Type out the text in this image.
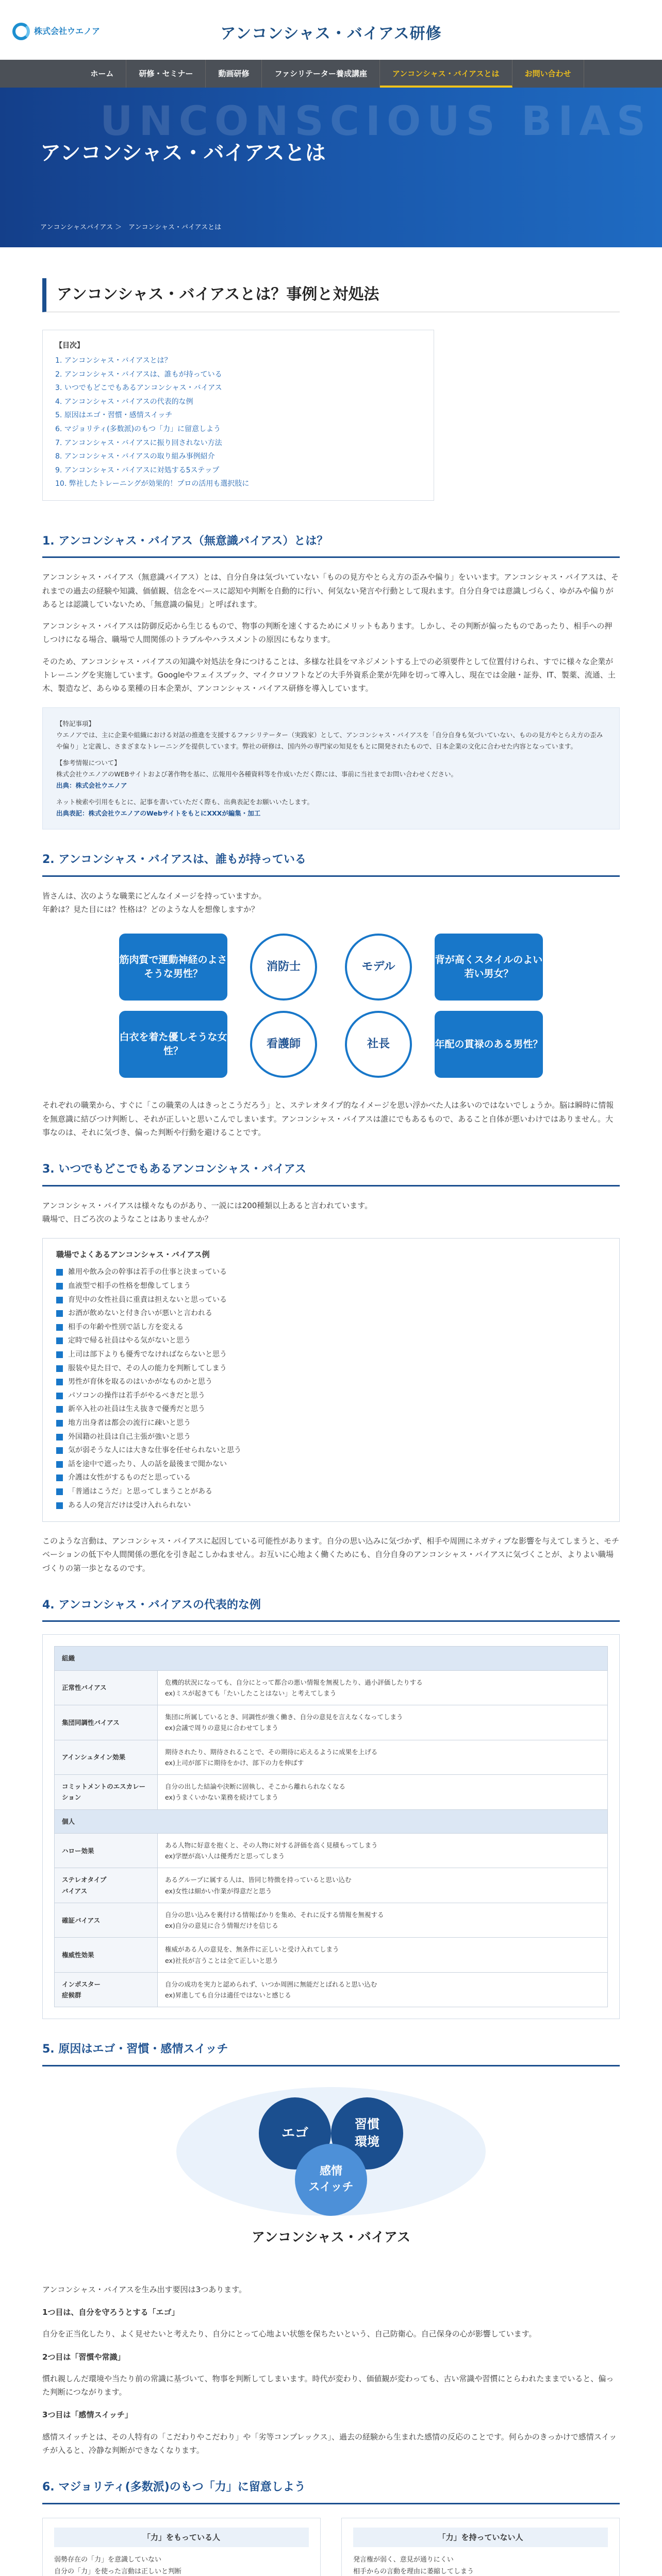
株式会社ウエノア	アンコンシャス・バイアス研修
ホーム	研修・セミナー	動画研修	ファシリテーター養成講座	アンコンシャス・バイアスとは	お問い合わせ
UNCONSCIOUS BIAS
アンコンシャス・バイアスとは
アンコンシャスバイアス ＞　アンコンシャス・バイアスとは
アンコンシャス・バイアスとは？事例と対処法
【目次】
1. アンコンシャス・バイアスとは？
2. アンコンシャス・バイアスは、誰もが持っている
3. いつでもどこでもあるアンコンシャス・バイアス
4. アンコンシャス・バイアスの代表的な例
5. 原因はエゴ・習慣・感情スイッチ
6. マジョリティ(多数派)のもつ「力」に留意しよう
7. アンコンシャス・バイアスに振り回されない方法
8. アンコンシャス・バイアスの取り組み事例紹介
9. アンコンシャス・バイアスに対処する5ステップ
10. 弊社したトレーニングが効果的！プロの活用も選択肢に
1. アンコンシャス・バイアス（無意識バイアス）とは？

アンコンシャス・バイアス（無意識バイアス）とは、自分自身は気づいていない「ものの見方やとらえ方の歪みや偏り」をいいます。アンコンシャス・バイアスは、それまでの過去の経験や知識、価値観、信念をベースに認知や判断を自動的に行い、何気ない発言や行動として現れます。自分自身では意識しづらく、ゆがみや偏りがあるとは認識していないため、「無意識の偏見」と呼ばれます。

アンコンシャス・バイアスは防御反応から生じるもので、物事の判断を速くするためにメリットもあります。しかし、その判断が偏ったものであったり、相手への押しつけになる場合、職場で人間関係のトラブルやハラスメントの原因にもなります。

そのため、アンコンシャス・バイアスの知識や対処法を身につけることは、多様な社員をマネジメントする上での必須要件として位置付けられ、すでに様々な企業がトレーニングを実施しています。Googleやフェイスブック、マイクロソフトなどの大手外資系企業が先陣を切って導入し、現在では金融・証券、IT、製薬、流通、土木、製造など、あらゆる業種の日本企業が、アンコンシャス・バイアス研修を導入しています。

【特記事項】
ウエノアでは、主に企業や組織における対話の推進を支援するファシリテーター（実践家）として、アンコンシャス・バイアスを「自分自身も気づいていない、ものの見方やとらえ方の歪みや偏り」と定義し、さまざまなトレーニングを提供しています。弊社の研修は、国内外の専門家の知見をもとに開発されたもので、日本企業の文化に合わせた内容となっています。
【参考情報について】
株式会社ウエノアのWEBサイトおよび著作物を基に、広報用や各種資料等を作成いただく際には、事前に当社までお問い合わせください。
出典：株式会社ウエノア
ネット検索や引用をもとに、記事を書いていただく際も、出典表記をお願いいたします。
出典表記：株式会社ウエノアのWebサイトをもとにXXXが編集・加工
2. アンコンシャス・バイアスは、誰もが持っている

皆さんは、次のような職業にどんなイメージを持っていますか。
年齢は？見た目には？性格は？どのような人を想像しますか？

筋肉質で運動神経のよさそうな男性？
消防士	モデル
背が高くスタイルのよい若い男女？
白衣を着た優しそうな女性？
看護師	社長	年配の貫禄のある男性？

それぞれの職業から、すぐに「この職業の人はきっとこうだろう」と、ステレオタイプ的なイメージを思い浮かべた人は多いのではないでしょうか。脳は瞬時に情報を無意識に結びつけ判断し、それが正しいと思いこんでしまいます。アンコンシャス・バイアスは誰にでもあるもので、あること自体が悪いわけではありません。大事なのは、それに気づき、偏った判断や行動を避けることです。

3. いつでもどこでもあるアンコンシャス・バイアス

アンコンシャス・バイアスは様々なものがあり、一説には200種類以上あると言われています。
職場で、日ごろ次のようなことはありませんか？

職場でよくあるアンコンシャス・バイアス例
雑用や飲み会の幹事は若手の仕事と決まっている
血液型で相手の性格を想像してしまう
育児中の女性社員に重責は担えないと思っている
お酒が飲めないと付き合いが悪いと言われる
相手の年齢や性別で話し方を変える
定時で帰る社員はやる気がないと思う
上司は部下よりも優秀でなければならないと思う
服装や見た目で、その人の能力を判断してしまう
男性が育休を取るのはいかがなものかと思う
パソコンの操作は若手がやるべきだと思う
新卒入社の社員は生え抜きで優秀だと思う
地方出身者は都会の流行に疎いと思う
外国籍の社員は自己主張が強いと思う
気が弱そうな人には大きな仕事を任せられないと思う
話を途中で遮ったり、人の話を最後まで聞かない
介護は女性がするものだと思っている
「普通はこうだ」と思ってしまうことがある
ある人の発言だけは受け入れられない

このような言動は、アンコンシャス・バイアスに起因している可能性があります。自分の思い込みに気づかず、相手や周囲にネガティブな影響を与えてしまうと、モチベーションの低下や人間関係の悪化を引き起こしかねません。お互いに心地よく働くためにも、自分自身のアンコンシャス・バイアスに気づくことが、よりよい職場づくりの第一歩となるのです。

4. アンコンシャス・バイアスの代表的な例
組織	
正常性バイアス	危機的状況になっても、自分にとって都合の悪い情報を無視したり、過小評価したりする
ex)ミスが起きても「たいしたことはない」と考えてしまう
集団同調性バイアス	集団に所属しているとき、同調性が強く働き、自分の意見を言えなくなってしまう
ex)会議で周りの意見に合わせてしまう
アインシュタイン効果	期待されたり、期待されることで、その期待に応えるように成果を上げる
ex)上司が部下に期待をかけ、部下の力を伸ばす
コミットメントのエスカレーション	自分の出した結論や決断に固執し、そこから離れられなくなる
ex)うまくいかない業務を続けてしまう
個人	
ハロー効果	ある人物に好意を抱くと、その人物に対する評価を高く見積もってしまう
ex)学歴が高い人は優秀だと思ってしまう
ステレオタイプ
バイアス	あるグループに属する人は、皆同じ特徴を持っていると思い込む
ex)女性は細かい作業が得意だと思う
確証バイアス	自分の思い込みを裏付ける情報ばかりを集め、それに反する情報を無視する
ex)自分の意見に合う情報だけを信じる
権威性効果	権威がある人の意見を、無条件に正しいと受け入れてしまう
ex)社長が言うことは全て正しいと思う
インポスター
症候群	自分の成功を実力と認められず、いつか周囲に無能だとばれると思い込む
ex)昇進しても自分は適任ではないと感じる
5. 原因はエゴ・習慣・感情スイッチ
エゴ
習慣
環境
感情
スイッチ
アンコンシャス・バイアス

アンコンシャス・バイアスを生み出す要因は3つあります。

1つ目は、自分を守ろうとする「エゴ」

自分を正当化したり、よく見せたいと考えたり、自分にとって心地よい状態を保ちたいという、自己防衛心。自己保身の心が影響しています。

2つ目は「習慣や常識」

慣れ親しんだ環境や当たり前の常識に基づいて、物事を判断してしまいます。時代が変わり、価値観が変わっても、古い常識や習慣にとらわれたままでいると、偏った判断につながります。

3つ目は「感情スイッチ」

感情スイッチとは、その人特有の「こだわりやこだわり」や「劣等コンプレックス」、過去の経験から生まれた感情の反応のことです。何らかのきっかけで感情スイッチが入ると、冷静な判断ができなくなります。

6. マジョリティ(多数派)のもつ「力」に留意しよう
「力」をもっている人
弱勢存在の「力」を意識していない
自分の「力」を使った言動は正しいと判断

「力」を持っていない人
発言権が弱く、意見が通りにくい
相手からの言動を理由に萎縮してしまう
